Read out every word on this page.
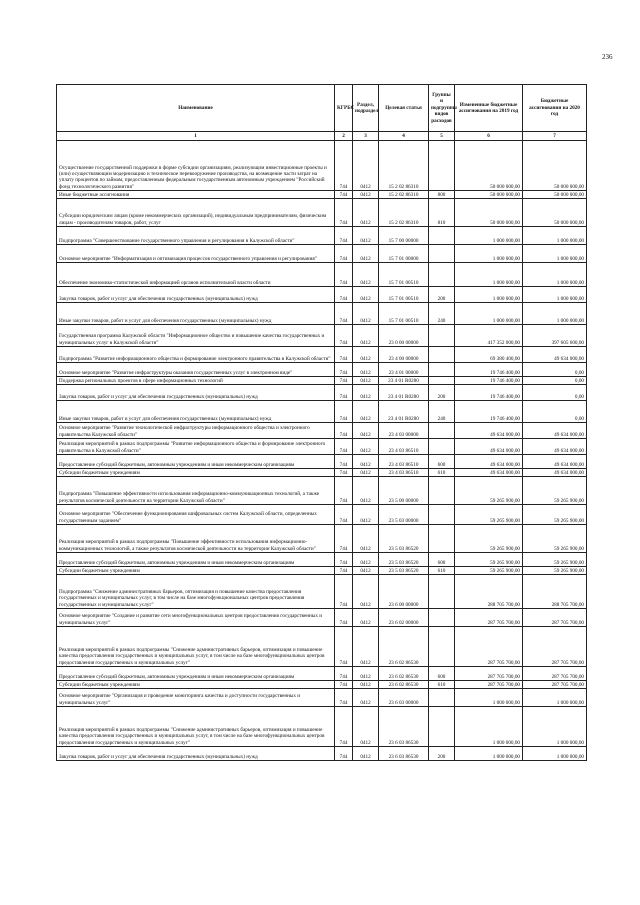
236
Наименование	КГРБС	Раздел, подраздел	Целевая статья	Группы и подгруппы видов расходов	Измененные бюджетные ассигнования на 2019 год	Бюджетные ассигнования на 2020 год
1	2	3	4	5	6	7
Осуществление государственной поддержки в форме субсидии организациям, реализующим инвестиционные проекты и (или) осуществляющим модернизацию и техническое перевооружение производства, на возмещение части затрат на уплату процентов по займам, предоставленным федеральным государственным автономным учреждением "Российский фонд технологического развития"	744	0412	15 2 02 86310		50 000 000,00	50 000 000,00
Иные бюджетные ассигнования	744	0412	15 2 02 86310	800	50 000 000,00	50 000 000,00
Субсидии юридическим лицам (кроме некоммерческих организаций), индивидуальным предпринимателям, физическим лицам - производителям товаров, работ, услуг	744	0412	15 2 02 86310	810	50 000 000,00	50 000 000,00
Подпрограмма "Совершенствование государственного управления и регулирования в Калужской области"	744	0412	15 7 00 00000		1 000 000,00	1 000 000,00
Основное мероприятие "Информатизация и оптимизация процессов государственного управления и регулирования"	744	0412	15 7 01 00000		1 000 000,00	1 000 000,00
Обеспечение экономико-статистической информацией органов исполнительной власти области	744	0412	15 7 01 00510		1 000 000,00	1 000 000,00
Закупка товаров, работ и услуг для обеспечения государственных (муниципальных) нужд	744	0412	15 7 01 00510	200	1 000 000,00	1 000 000,00
Иные закупки товаров, работ и услуг для обеспечения государственных (муниципальных) нужд	744	0412	15 7 01 00510	240	1 000 000,00	1 000 000,00
Государственная программа Калужской области "Информационное общество и повышение качества государственных и муниципальных услуг в Калужской области"	744	0412	23 0 00 00000		417 352 000,00	397 605 600,00
Подпрограмма "Развитие информационного общества и формирование электронного правительства в Калужской области"	744	0412	23 4 00 00000		69 380 400,00	49 634 000,00
Основное мероприятие "Развитие инфраструктуры оказания государственных услуг в электронном виде"	744	0412	23 4 01 00000		19 746 400,00	0,00
Поддержка региональных проектов в сфере информационных технологий	744	0412	23 4 01 R0280		19 746 400,00	0,00
Закупка товаров, работ и услуг для обеспечения государственных (муниципальных) нужд	744	0412	23 4 01 R0280	200	19 746 400,00	0,00
Иные закупки товаров, работ и услуг для обеспечения государственных (муниципальных) нужд	744	0412	23 4 01 R0280	240	19 746 400,00	0,00
Основное мероприятие "Развитие технологической инфраструктуры информационного общества и электронного правительства Калужской области"	744	0412	23 4 03 00000		49 634 000,00	49 634 000,00
Реализация мероприятий в рамках подпрограммы "Развитие информационного общества и формирование электронного правительства в Калужской области"	744	0412	23 4 03 86510		49 634 000,00	49 634 000,00
Предоставление субсидий бюджетным, автономным учреждениям и иным некоммерческим организациям	744	0412	23 4 03 86510	600	49 634 000,00	49 634 000,00
Субсидии бюджетным учреждениям	744	0412	23 4 03 86510	610	49 634 000,00	49 634 000,00
Подпрограмма "Повышение эффективности использования информационно-коммуникационных технологий, а также результатов космической деятельности на территории Калужской области"	744	0412	23 5 00 00000		59 265 900,00	59 265 900,00
Основное мероприятие "Обеспечение функционирования шифровальных систем Калужской области, определенных государственным заданием"	744	0412	23 5 03 00000		59 265 900,00	59 265 900,00
Реализация мероприятий в рамках подпрограммы "Повышение эффективности использования информационно-коммуникационных технологий, а также результатов космической деятельности на территории Калужской области"	744	0412	23 5 03 86520		59 265 900,00	59 265 900,00
Предоставление субсидий бюджетным, автономным учреждениям и иным некоммерческим организациям	744	0412	23 5 03 86520	600	59 265 900,00	59 265 900,00
Субсидии бюджетным учреждениям	744	0412	23 5 03 86520	610	59 265 900,00	59 265 900,00
Подпрограмма "Снижение административных барьеров, оптимизация и повышение качества предоставления государственных и муниципальных услуг, в том числе на базе многофункциональных центров предоставления государственных и муниципальных услуг"	744	0412	23 6 00 00000		288 705 700,00	288 705 700,00
Основное мероприятие "Создание и развитие сети многофункциональных центров предоставления государственных и муниципальных услуг"	744	0412	23 6 02 00000		287 705 700,00	287 705 700,00
Реализация мероприятий в рамках подпрограммы "Снижение административных барьеров, оптимизация и повышение качества предоставления государственных и муниципальных услуг, в том числе на базе многофункциональных центров предоставления государственных и муниципальных услуг"	744	0412	23 6 02 86530		287 705 700,00	287 705 700,00
Предоставление субсидий бюджетным, автономным учреждениям и иным некоммерческим организациям	744	0412	23 6 02 86530	600	287 705 700,00	287 705 700,00
Субсидии бюджетным учреждениям	744	0412	23 6 02 86530	610	287 705 700,00	287 705 700,00
Основное мероприятие "Организация и проведение мониторинга качества и доступности государственных и муниципальных услуг"	744	0412	23 6 03 00000		1 000 000,00	1 000 000,00
Реализация мероприятий в рамках подпрограммы "Снижение административных барьеров, оптимизация и повышение качества предоставления государственных и муниципальных услуг, в том числе на базе многофункциональных центров предоставления государственных и муниципальных услуг"	744	0412	23 6 03 86530		1 000 000,00	1 000 000,00
Закупка товаров, работ и услуг для обеспечения государственных (муниципальных) нужд	744	0412	23 6 03 86530	200	1 000 000,00	1 000 000,00
